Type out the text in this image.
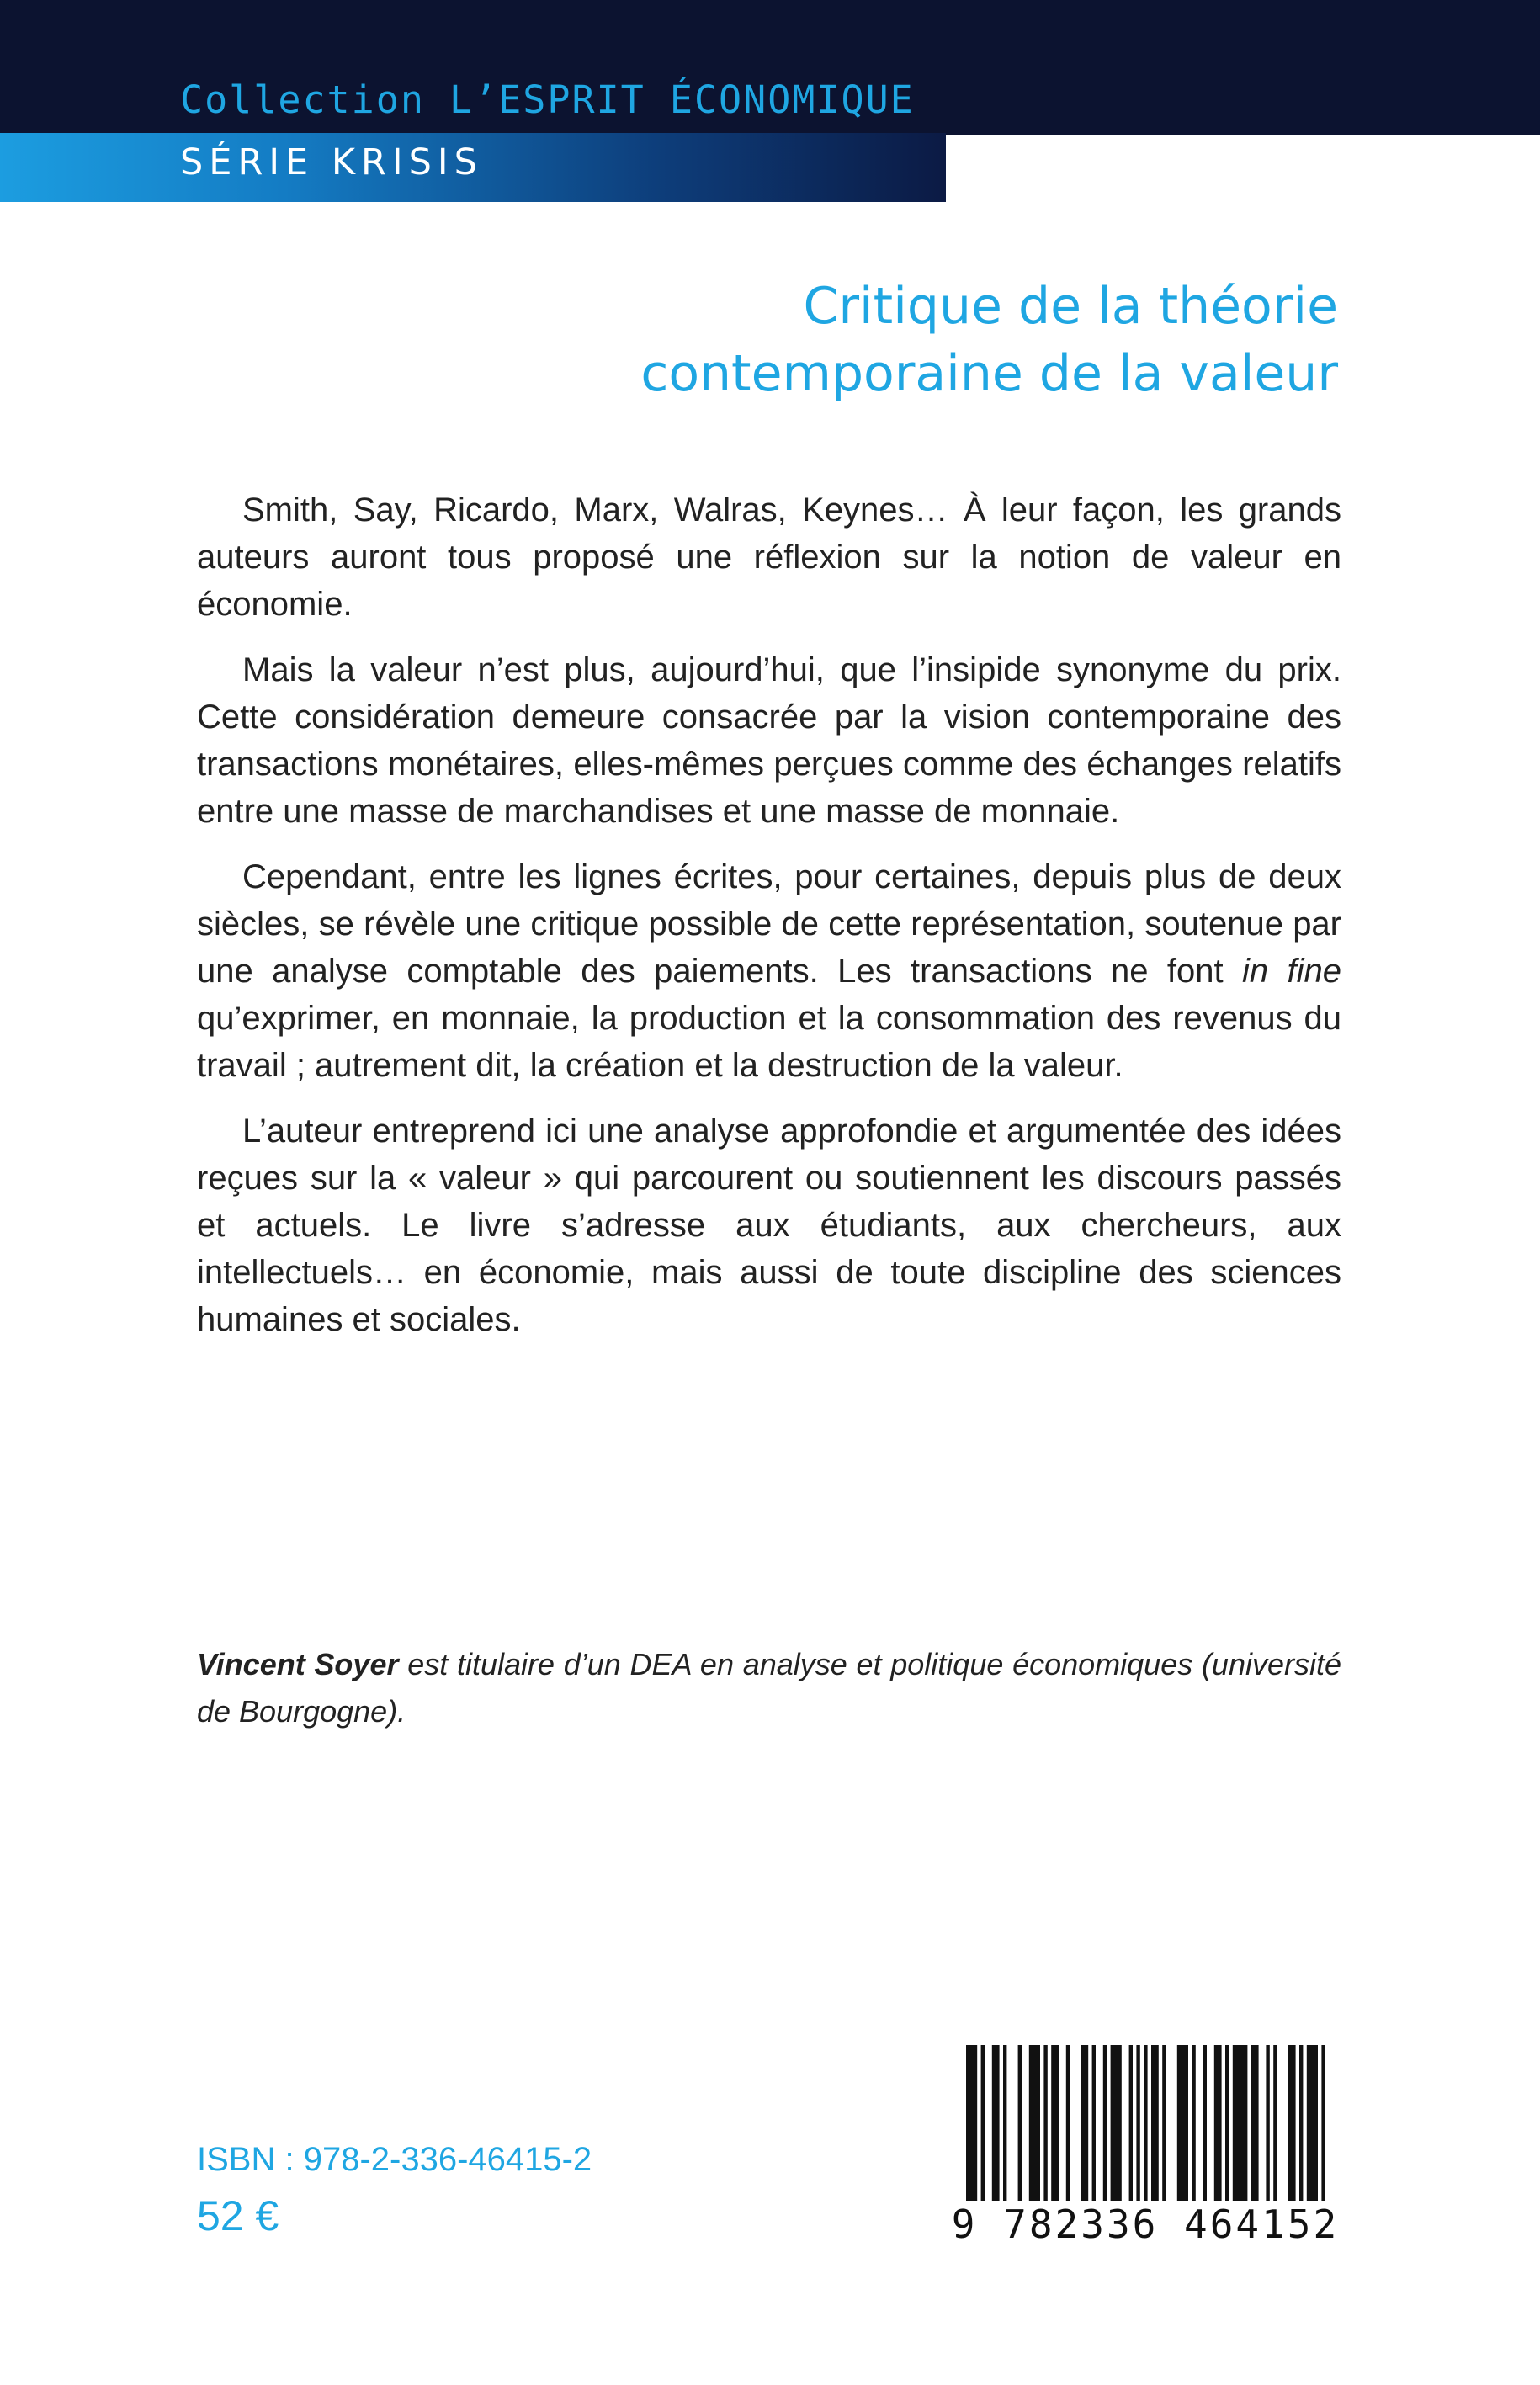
Collection L’ESPRIT ÉCONOMIQUE

SÉRIE KRISIS

Critique de la théorie
contemporaine de la valeur

Smith, Say, Ricardo, Marx, Walras, Keynes… À leur façon, les grands auteurs auront tous proposé une réflexion sur la notion de valeur en économie.

Mais la valeur n’est plus, aujourd’hui, que l’insipide synonyme du prix. Cette considération demeure consacrée par la vision contemporaine des transactions monétaires, elles-mêmes perçues comme des échanges relatifs entre une masse de marchandises et une masse de monnaie.

Cependant, entre les lignes écrites, pour certaines, depuis plus de deux siècles, se révèle une critique possible de cette représentation, soutenue par une analyse comptable des paiements. Les transactions ne font in fine qu’exprimer, en monnaie, la production et la consommation des revenus du travail ; autrement dit, la création et la destruction de la valeur.

L’auteur entreprend ici une analyse approfondie et argumentée des idées reçues sur la « valeur » qui parcourent ou soutiennent les discours passés et actuels. Le livre s’adresse aux étudiants, aux chercheurs, aux intellectuels… en économie, mais aussi de toute discipline des sciences humaines et sociales.

Vincent Soyer est titulaire d’un DEA en analyse et politique économiques (université de Bourgogne).

ISBN : 978-2-336-46415-2

52 €	9 782336 464152
